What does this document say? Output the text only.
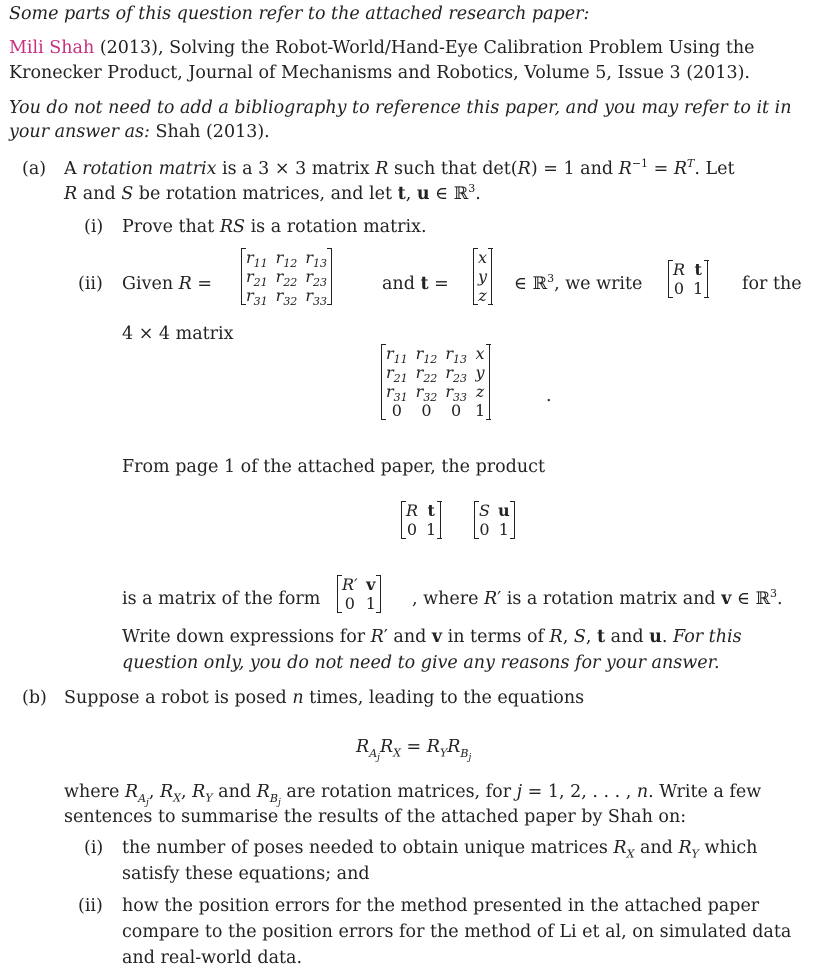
Some parts of this question refer to the attached research paper:
Mili Shah (2013), Solving the Robot-World/Hand-Eye Calibration Problem Using the
Kronecker Product, Journal of Mechanisms and Robotics, Volume 5, Issue 3 (2013).
You do not need to add a bibliography to reference this paper, and you may refer to it in
your answer as: Shah (2013).
(a) A rotation matrix is a 3 × 3 matrix R such that det(R) = 1 and $R^{-1} = R^T$. Let
R and S be rotation matrices, and let t, u ∈ ℝ$^3$.
(i) Prove that RS is a rotation matrix.
(ii) Given R =
$r_{11}$	$r_{12}$	$r_{13}$
$r_{21}$	$r_{22}$	$r_{23}$
$r_{31}$	$r_{32}$	$r_{33}$
and t =
x
y
z
∈ ℝ$^3$, we write
R	t
0	1 for the
4 × 4 matrix
$r_{11}$	$r_{12}$	$r_{13}$	x
$r_{21}$	$r_{22}$	$r_{23}$	y
$r_{31}$	$r_{32}$	$r_{33}$	z
0	0	0	1
.
From page 1 of the attached paper, the product
R	t
0	1
S	u
0	1
is a matrix of the form
R′	v
0	1 , where R′ is a rotation matrix and v ∈ ℝ$^3$.
Write down expressions for R′ and v in terms of R, S, t and u. For this
question only, you do not need to give any reasons for your answer.
(b) Suppose a robot is posed n times, leading to the equations
$R_{A_j}R_X = R_YR_{B_j}$
where $R_{A_j}$, $R_X$, $R_Y$ and $R_{B_j}$ are rotation matrices, for j = 1, 2, . . . , n. Write a few
sentences to summarise the results of the attached paper by Shah on:
(i) the number of poses needed to obtain unique matrices $R_X$ and $R_Y$ which
satisfy these equations; and
(ii) how the position errors for the method presented in the attached paper
compare to the position errors for the method of Li et al, on simulated data
and real-world data.
